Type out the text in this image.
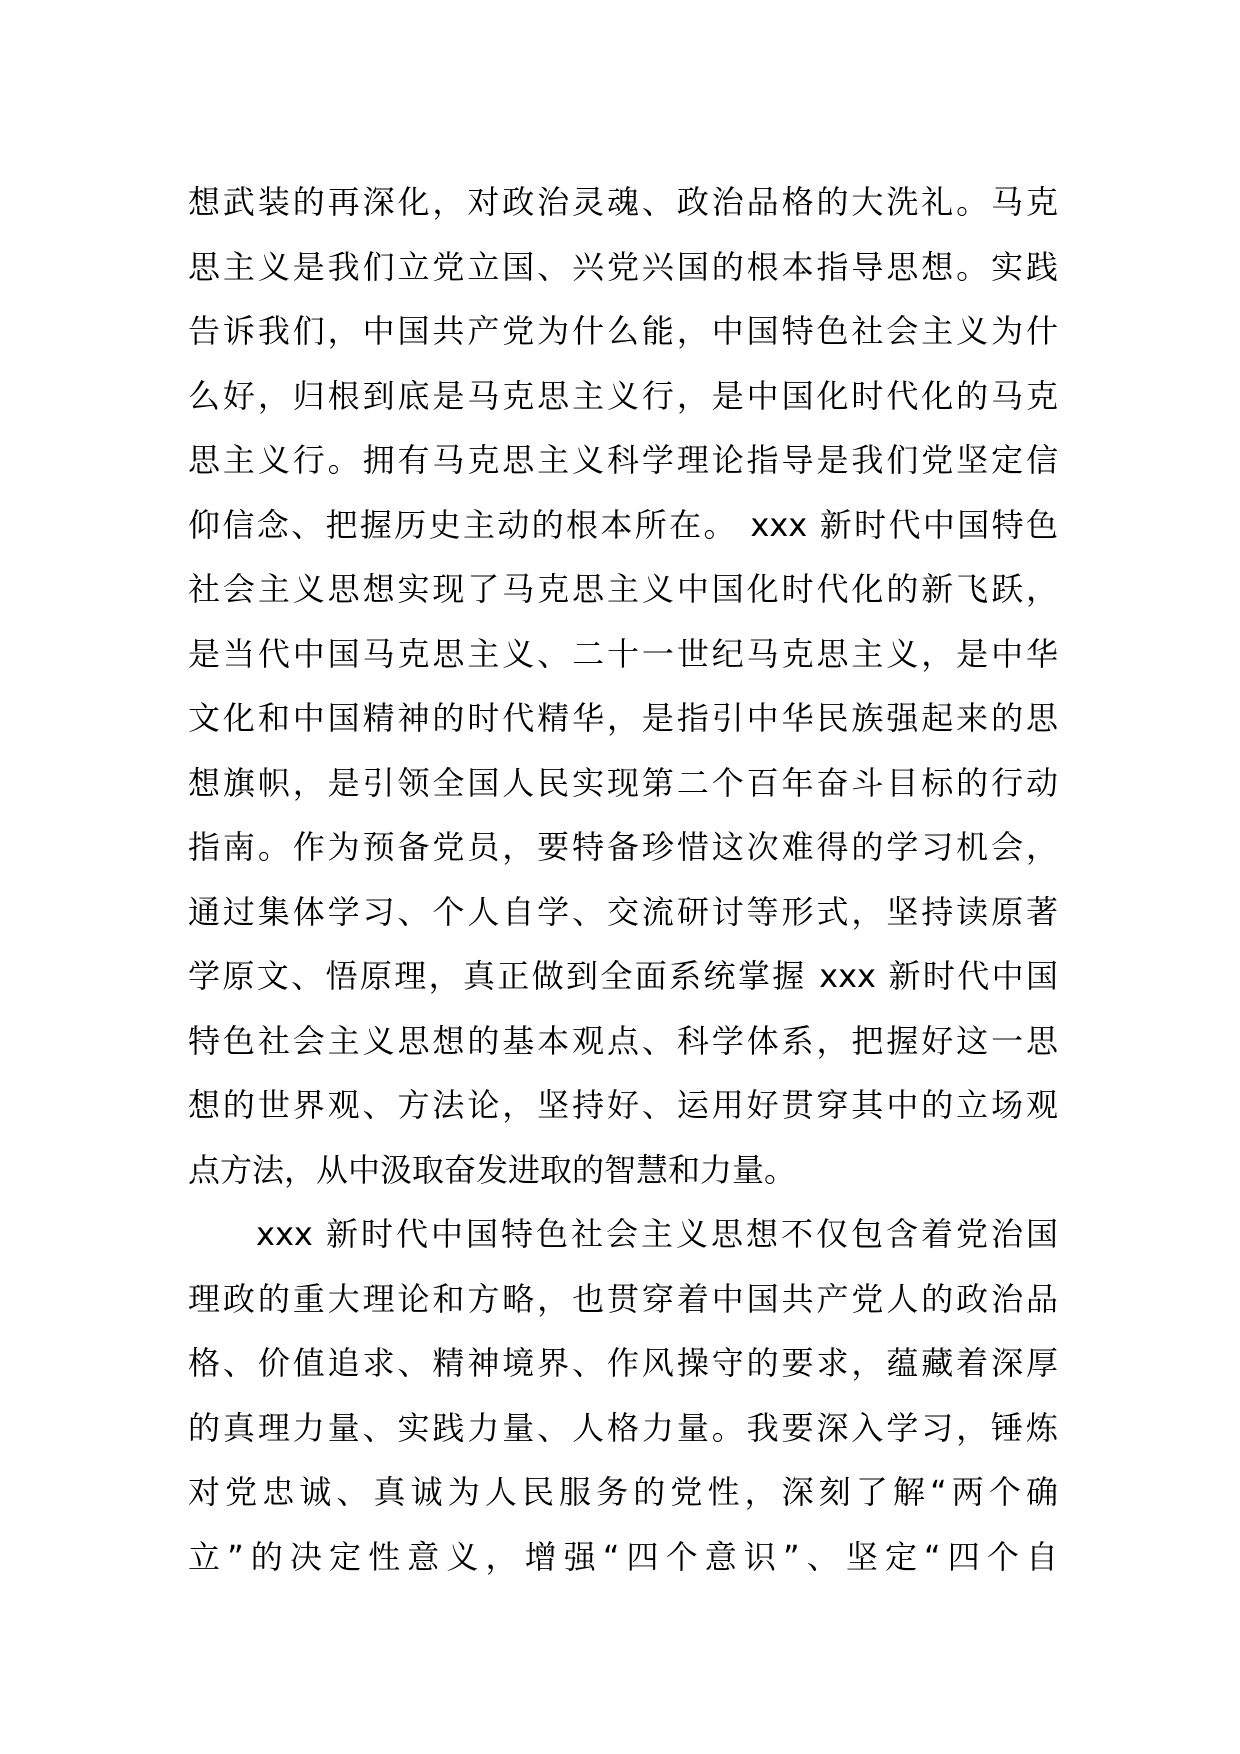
想武装的再深化，对政治灵魂、政治品格的大洗礼。马克
思主义是我们立党立国、兴党兴国的根本指导思想。实践
告诉我们，中国共产党为什么能，中国特色社会主义为什
么好，归根到底是马克思主义行，是中国化时代化的马克
思主义行。拥有马克思主义科学理论指导是我们党坚定信
仰信念、把握历史主动的根本所在。 xxx 新时代中国特色
社会主义思想实现了马克思主义中国化时代化的新飞跃，
是当代中国马克思主义、二十一世纪马克思主义，是中华
文化和中国精神的时代精华，是指引中华民族强起来的思
想旗帜，是引领全国人民实现第二个百年奋斗目标的行动
指南。作为预备党员，要特备珍惜这次难得的学习机会，
通过集体学习、个人自学、交流研讨等形式，坚持读原著
学原文、悟原理，真正做到全面系统掌握 xxx 新时代中国
特色社会主义思想的基本观点、科学体系，把握好这一思
想的世界观、方法论，坚持好、运用好贯穿其中的立场观
点方法，从中汲取奋发进取的智慧和力量。
xxx 新时代中国特色社会主义思想不仅包含着党治国
理政的重大理论和方略，也贯穿着中国共产党人的政治品
格、价值追求、精神境界、作风操守的要求，蕴藏着深厚
的真理力量、实践力量、人格力量。我要深入学习，锤炼
对党忠诚、真诚为人民服务的党性，深刻了解“两个确
立”的决定性意义，增强“四个意识”、坚定“四个自
